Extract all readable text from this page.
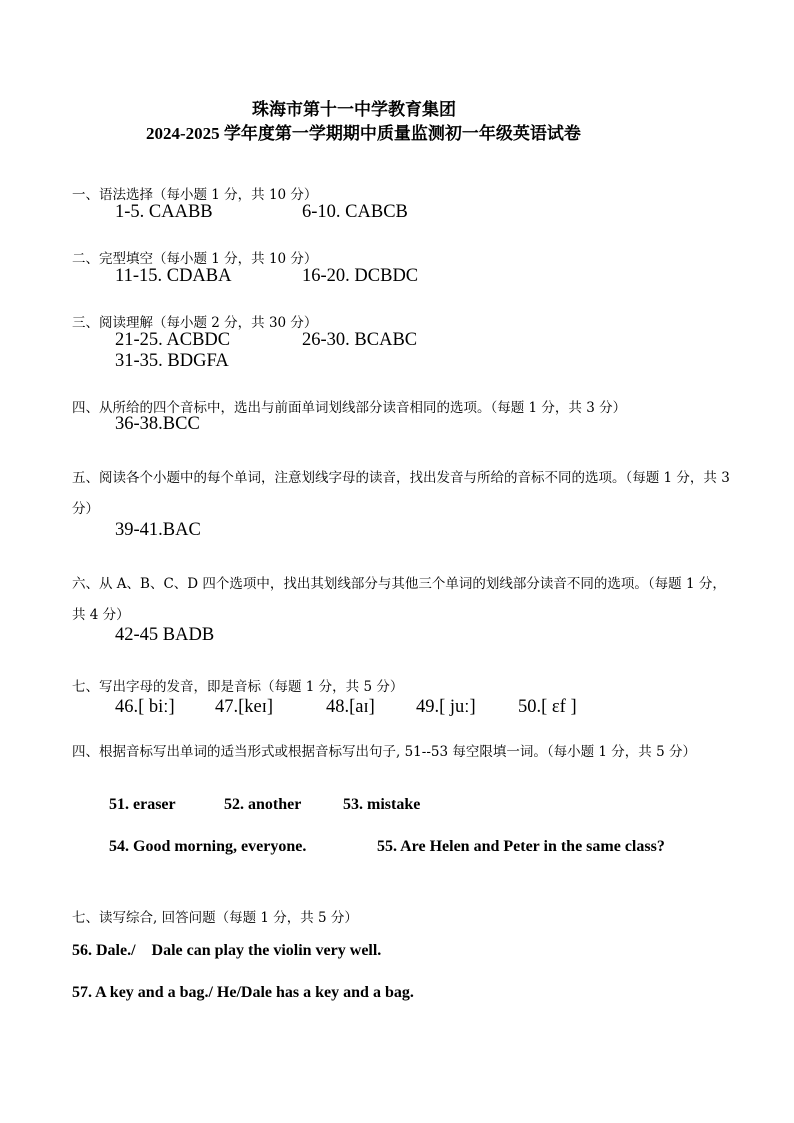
珠海市第十一中学教育集团
2024-2025 学年度第一学期期中质量监测初一年级英语试卷
一、语法选择（每小题 1 分，共 10 分）
1-5. CAABB	6-10. CABCB
二、完型填空（每小题 1 分，共 10 分）
11-15. CDABA	16-20. DCBDC
三、阅读理解（每小题 2 分，共 30 分）
21-25. ACBDC	26-30. BCABC
31-35. BDGFA
四、从所给的四个音标中，选出与前面单词划线部分读音相同的选项。（每题 1 分，共 3 分）
36-38.BCC
五、阅读各个小题中的每个单词，注意划线字母的读音，找出发音与所给的音标不同的选项。（每题 1 分，共 3 分）
39-41.BAC
六、从 A、B、C、D 四个选项中，找出其划线部分与其他三个单词的划线部分读音不同的选项。（每题 1 分，共 4 分）
42-45 BADB
七、写出字母的发音，即是音标（每题 1 分，共 5 分）
46.[ biː] 47.[keɪ]	48.[aɪ] 49.[ juː] 50.[ ɛf ]
四、根据音标写出单词的适当形式或根据音标写出句子, 51--53 每空限填一词。（每小题 1 分，共 5 分）
51. eraser	52. another	53. mistake
54. Good morning, everyone.	55. Are Helen and Peter in the same class?
七、读写综合, 回答问题（每题 1 分，共 5 分）
56. Dale./    Dale can play the violin very well.
57. A key and a bag./ He/Dale has a key and a bag.
